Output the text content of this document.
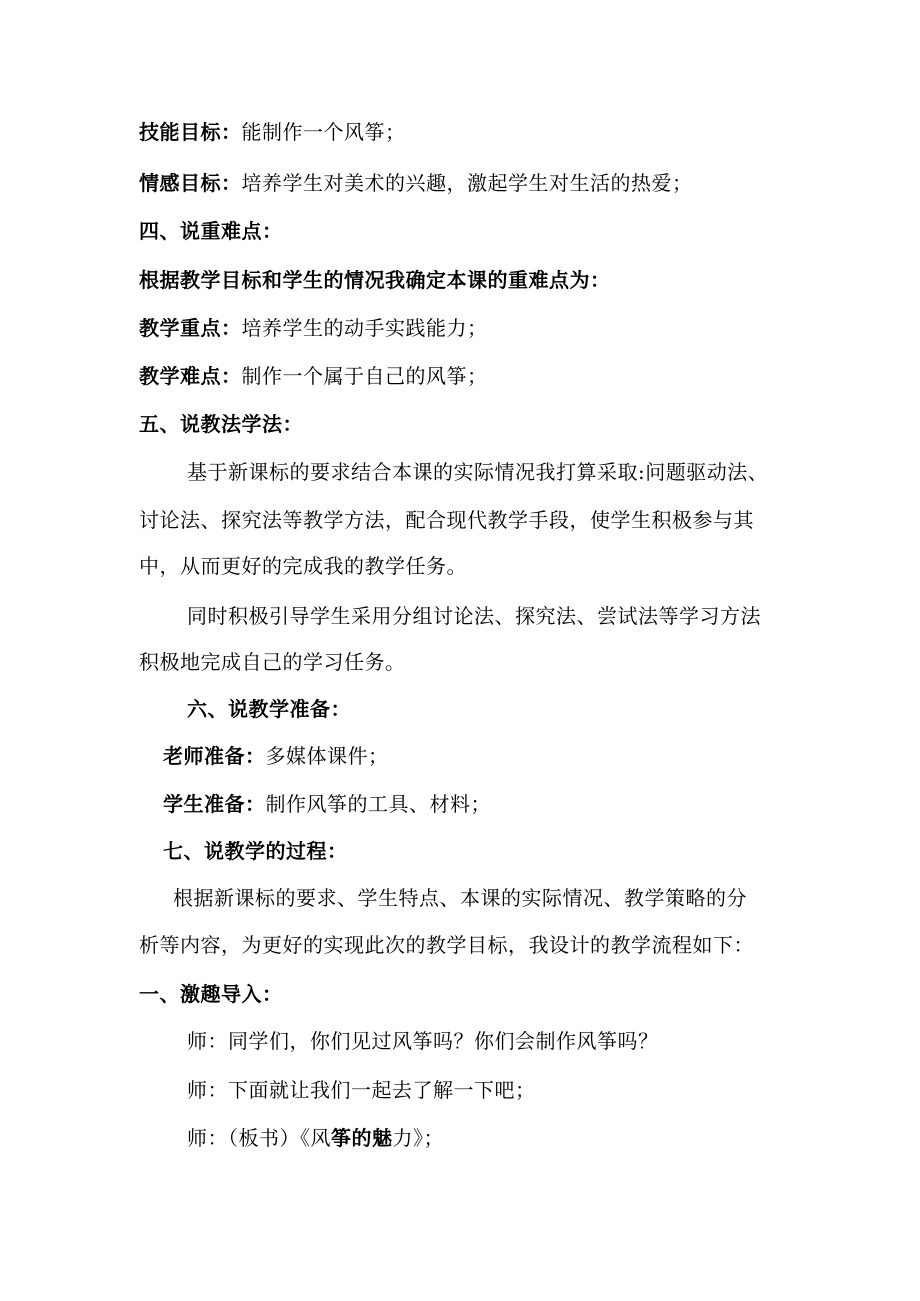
技能目标：能制作一个风筝；
情感目标：培养学生对美术的兴趣，激起学生对生活的热爱；
四、说重难点：
根据教学目标和学生的情况我确定本课的重难点为：
教学重点：培养学生的动手实践能力；
教学难点：制作一个属于自己的风筝；
五、说教法学法：
基于新课标的要求结合本课的实际情况我打算采取:问题驱动法、
讨论法、探究法等教学方法，配合现代教学手段，使学生积极参与其
中，从而更好的完成我的教学任务。
同时积极引导学生采用分组讨论法、探究法、尝试法等学习方法
积极地完成自己的学习任务。
六、说教学准备：
老师准备：多媒体课件；
学生准备：制作风筝的工具、材料；
七、说教学的过程：
根据新课标的要求、学生特点、本课的实际情况、教学策略的分
析等内容，为更好的实现此次的教学目标，我设计的教学流程如下：
一、激趣导入：
师：同学们，你们见过风筝吗？你们会制作风筝吗？
师：下面就让我们一起去了解一下吧；
师：（板书）《风筝的魅力》；
